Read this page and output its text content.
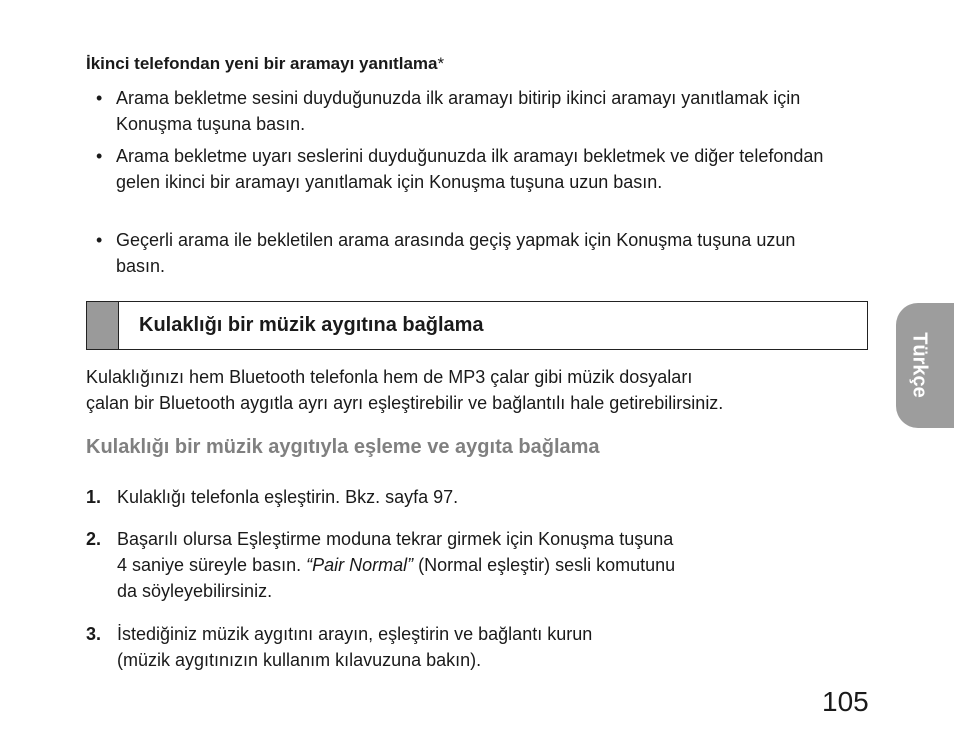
İkinci telefondan yeni bir aramayı yanıtlama*
• Arama bekletme sesini duyduğunuzda ilk aramayı bitirip ikinci aramayı yanıtlamak için Konuşma tuşuna basın.
• Arama bekletme uyarı seslerini duyduğunuzda ilk aramayı bekletmek ve diğer telefondan gelen ikinci bir aramayı yanıtlamak için Konuşma tuşuna uzun basın.
• Geçerli arama ile bekletilen arama arasında geçiş yapmak için Konuşma tuşuna uzun basın.
Kulaklığı bir müzik aygıtına bağlama
Kulaklığınızı hem Bluetooth telefonla hem de MP3 çalar gibi müzik dosyaları
çalan bir Bluetooth aygıtla ayrı ayrı eşleştirebilir ve bağlantılı hale getirebilirsiniz.
Kulaklığı bir müzik aygıtıyla eşleme ve aygıta bağlama
1. Kulaklığı telefonla eşleştirin. Bkz. sayfa 97.
2. Başarılı olursa Eşleştirme moduna tekrar girmek için Konuşma tuşuna
4 saniye süreyle basın. “Pair Normal” (Normal eşleştir) sesli komutunu
da söyleyebilirsiniz.
3. İstediğiniz müzik aygıtını arayın, eşleştirin ve bağlantı kurun
(müzik aygıtınızın kullanım kılavuzuna bakın).
105
Türkçe
